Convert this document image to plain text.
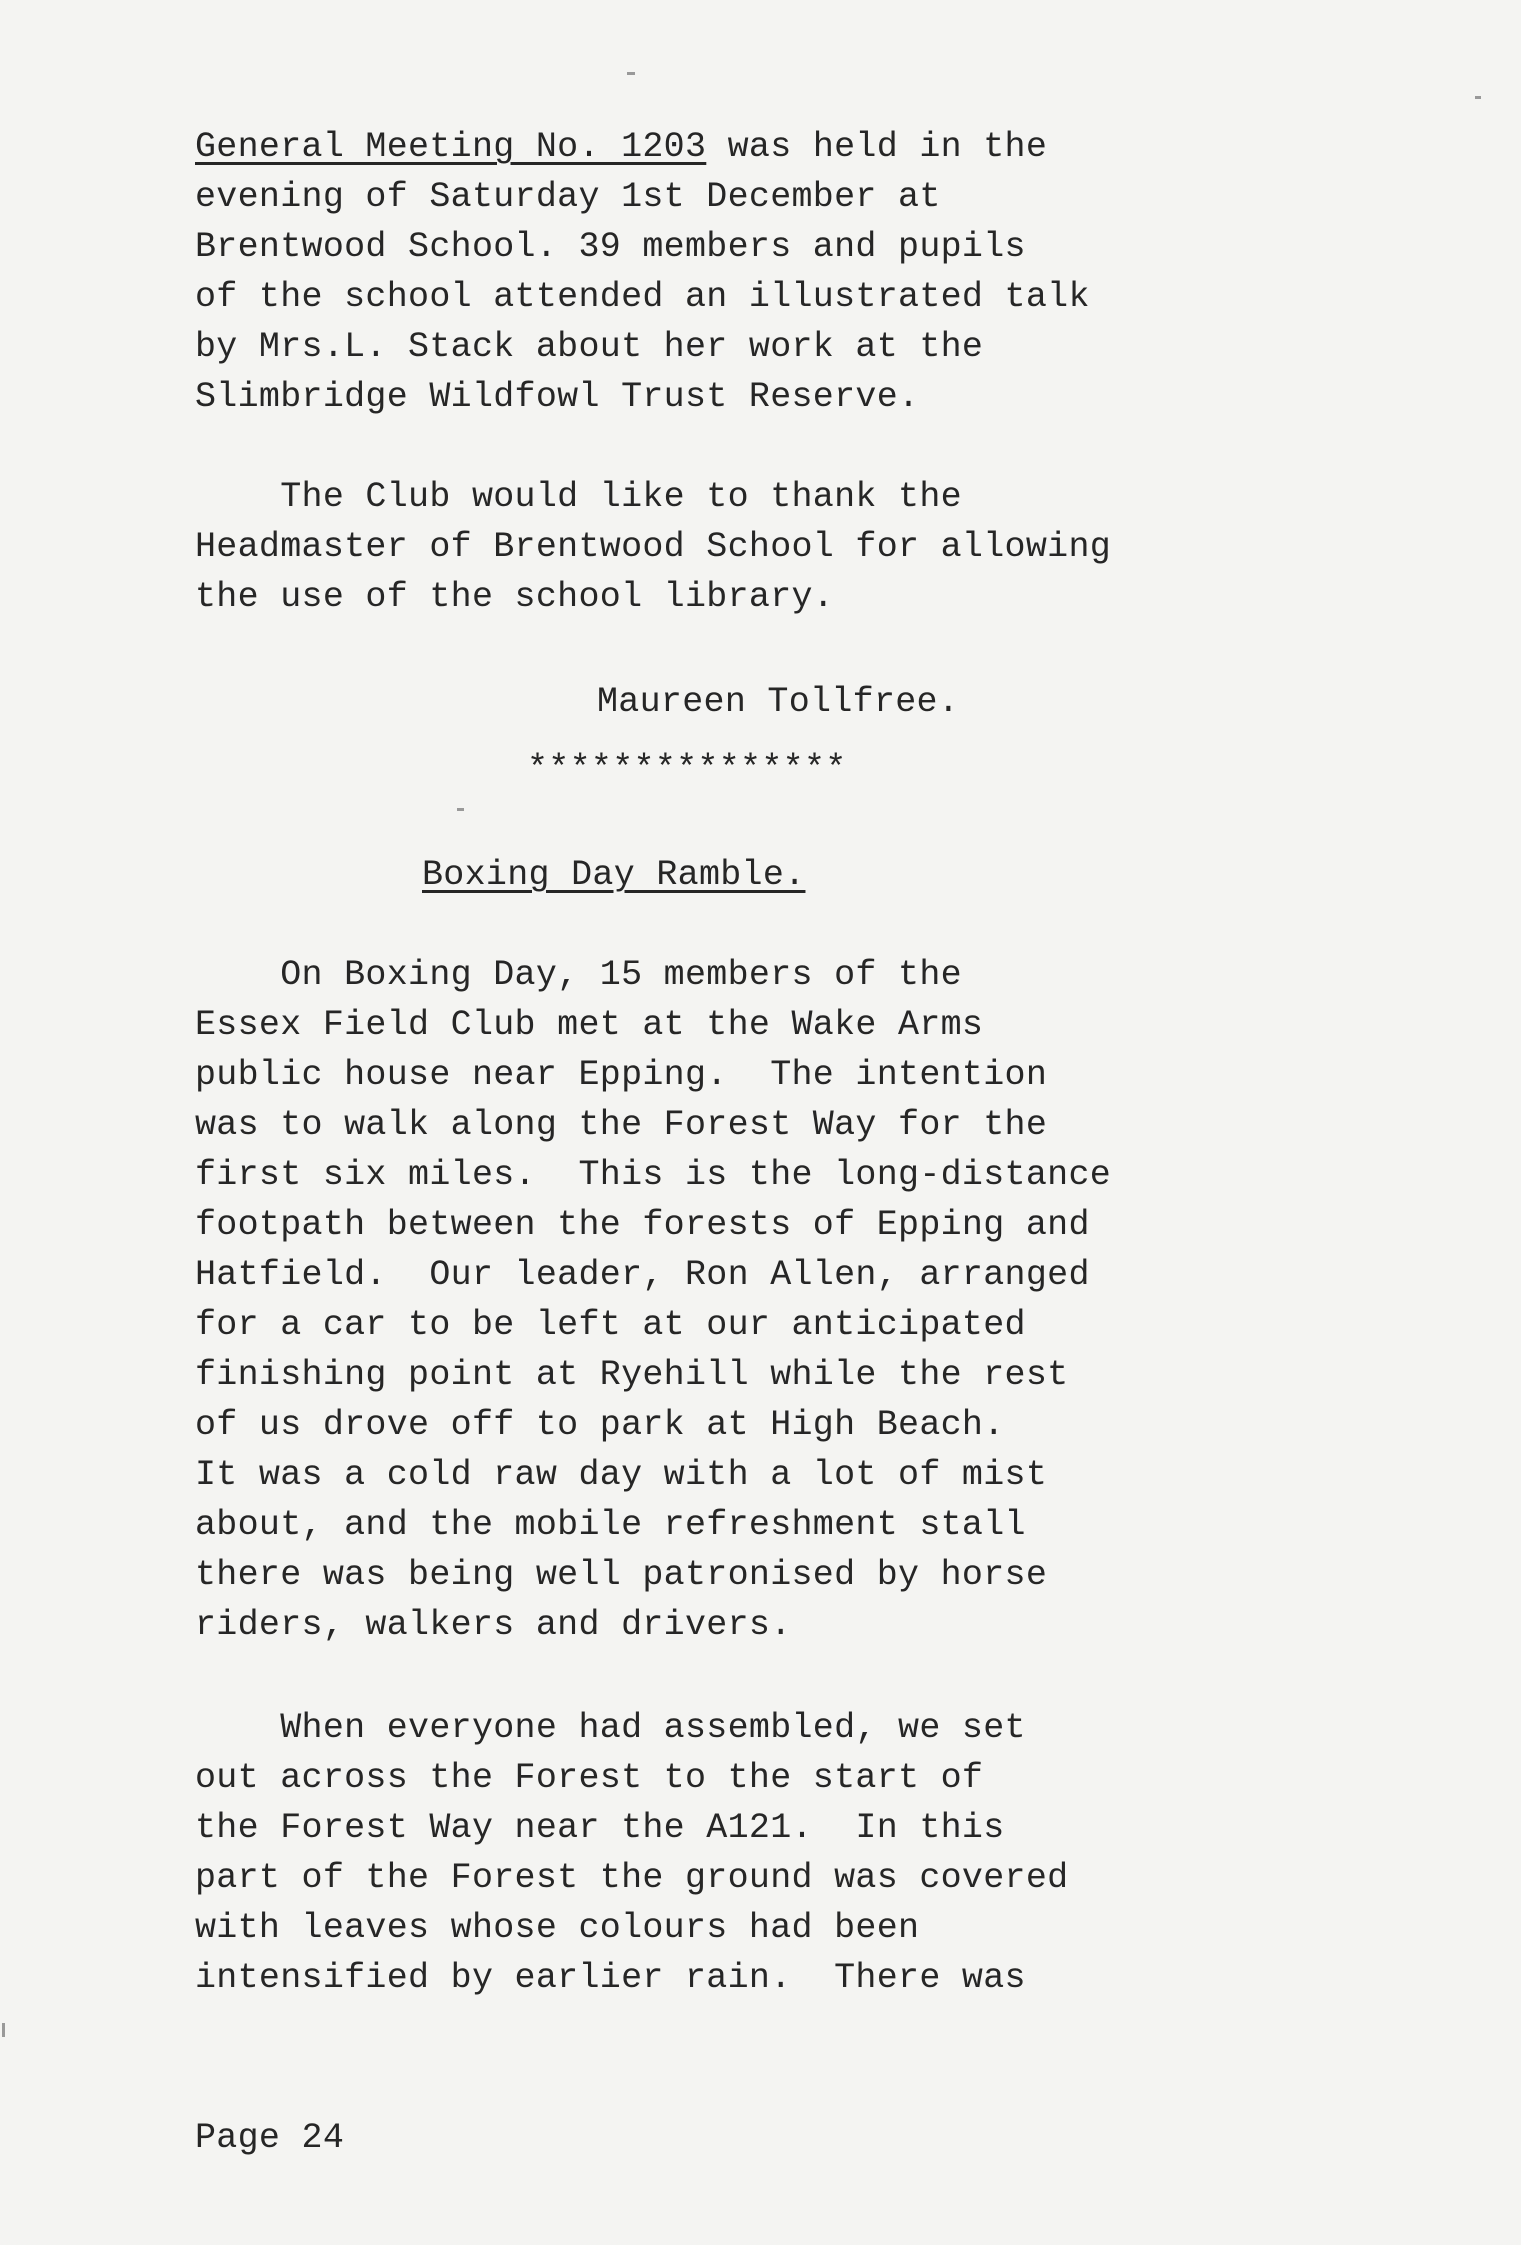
General Meeting No. 1203 was held in the
evening of Saturday 1st December at
Brentwood School. 39 members and pupils
of the school attended an illustrated talk
by Mrs.L. Stack about her work at the
Slimbridge Wildfowl Trust Reserve.
The Club would like to thank the
Headmaster of Brentwood School for allowing
the use of the school library.
Maureen Tollfree.
***************
Boxing Day Ramble.
On Boxing Day, 15 members of the
Essex Field Club met at the Wake Arms
public house near Epping.  The intention
was to walk along the Forest Way for the
first six miles.  This is the long-distance
footpath between the forests of Epping and
Hatfield.  Our leader, Ron Allen, arranged
for a car to be left at our anticipated
finishing point at Ryehill while the rest
of us drove off to park at High Beach.
It was a cold raw day with a lot of mist
about, and the mobile refreshment stall
there was being well patronised by horse
riders, walkers and drivers.
When everyone had assembled, we set
out across the Forest to the start of
the Forest Way near the A121.  In this
part of the Forest the ground was covered
with leaves whose colours had been
intensified by earlier rain.  There was
Page 24
